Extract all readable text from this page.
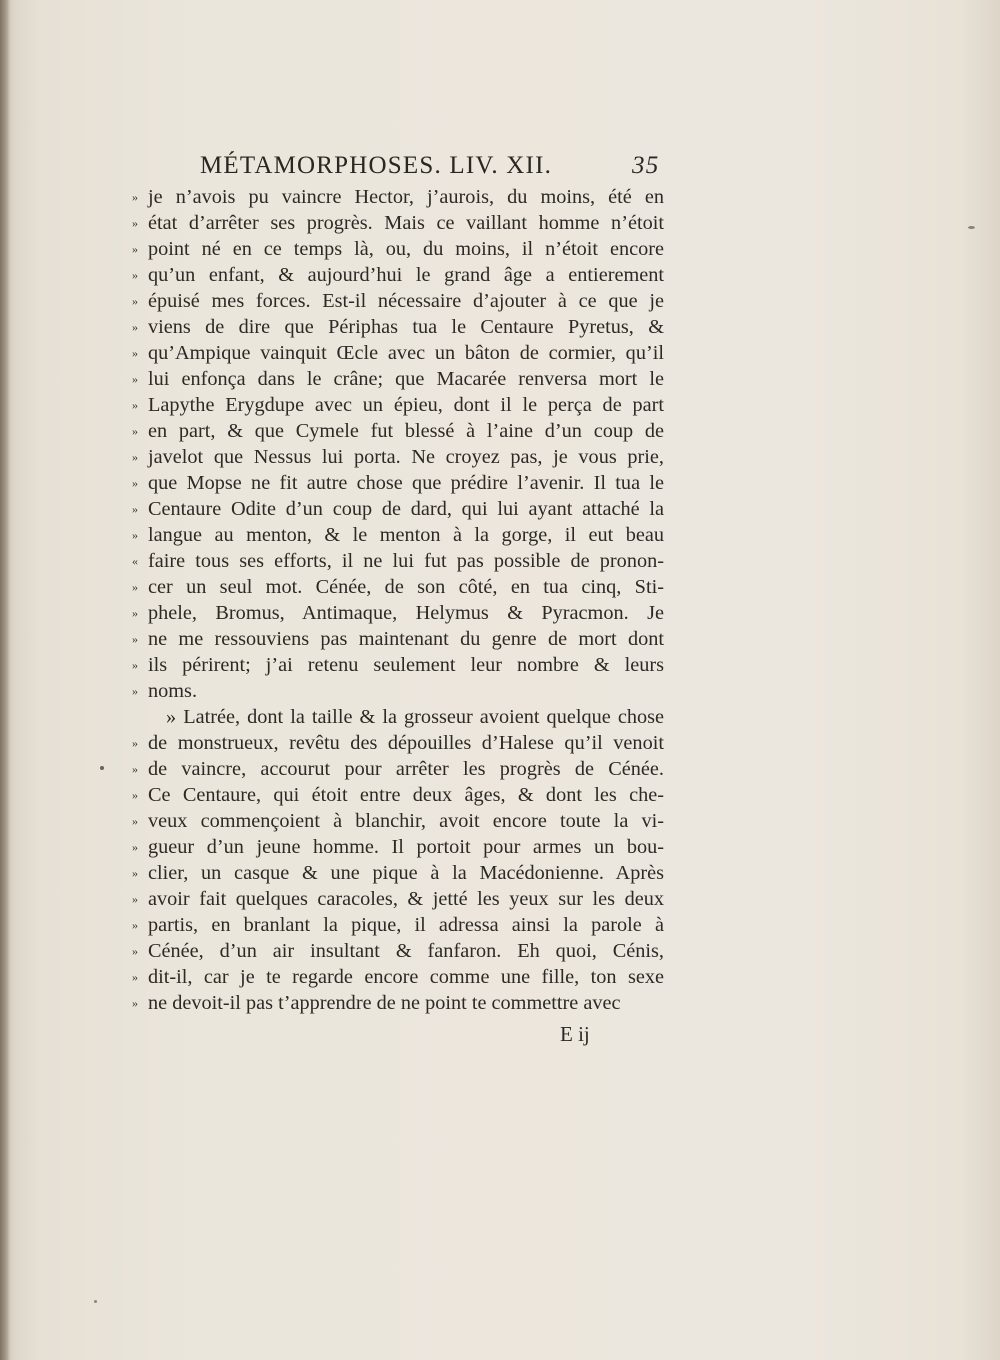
MÉTAMORPHOSES. LIV. XII.	35
» je n’avois pu vaincre Hector, j’aurois, du moins, été en
» état d’arrêter ses progrès. Mais ce vaillant homme n’étoit
» point né en ce temps là, ou, du moins, il n’étoit encore
» qu’un enfant, & aujourd’hui le grand âge a entierement
» épuisé mes forces. Est-il nécessaire d’ajouter à ce que je
» viens de dire que Périphas tua le Centaure Pyretus, &
» qu’Ampique vainquit Œcle avec un bâton de cormier, qu’il
» lui enfonça dans le crâne; que Macarée renversa mort le
» Lapythe Erygdupe avec un épieu, dont il le perça de part
» en part, & que Cymele fut blessé à l’aine d’un coup de
» javelot que Nessus lui porta. Ne croyez pas, je vous prie,
» que Mopse ne fit autre chose que prédire l’avenir. Il tua le
» Centaure Odite d’un coup de dard, qui lui ayant attaché la
» langue au menton, & le menton à la gorge, il eut beau
« faire tous ses efforts, il ne lui fut pas possible de pronon-
» cer un seul mot. Cénée, de son côté, en tua cinq, Sti-
» phele, Bromus, Antimaque, Helymus & Pyracmon. Je
» ne me ressouviens pas maintenant du genre de mort dont
» ils périrent; j’ai retenu seulement leur nombre & leurs
» noms.
» Latrée, dont la taille & la grosseur avoient quelque chose
» de monstrueux, revêtu des dépouilles d’Halese qu’il venoit
» de vaincre, accourut pour arrêter les progrès de Cénée.
» Ce Centaure, qui étoit entre deux âges, & dont les che-
» veux commençoient à blanchir, avoit encore toute la vi-
» gueur d’un jeune homme. Il portoit pour armes un bou-
» clier, un casque & une pique à la Macédonienne. Après
» avoir fait quelques caracoles, & jetté les yeux sur les deux
» partis, en branlant la pique, il adressa ainsi la parole à
» Cénée, d’un air insultant & fanfaron. Eh quoi, Cénis,
» dit-il, car je te regarde encore comme une fille, ton sexe
» ne devoit-il pas t’apprendre de ne point te commettre avec
E ij
